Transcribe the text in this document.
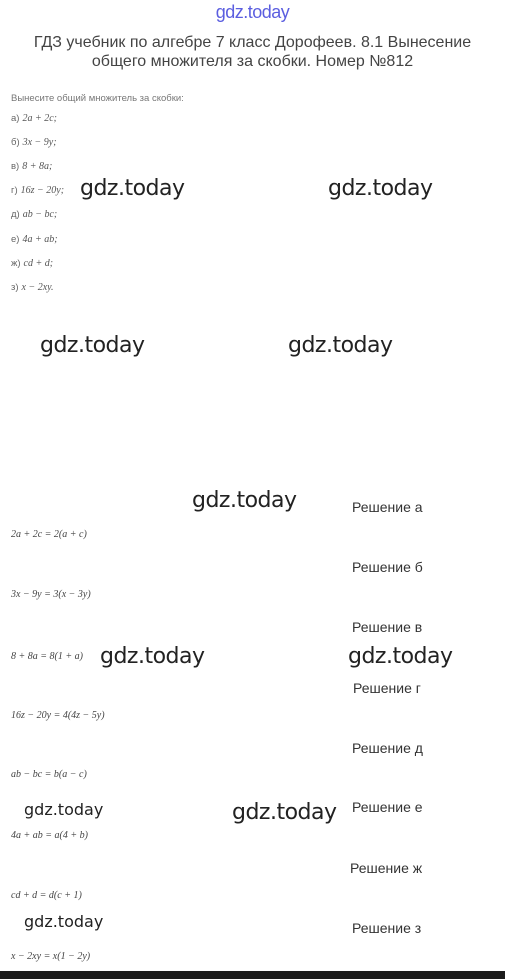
gdz.today
ГДЗ учебник по алгебре 7 класс Дорофеев. 8.1 Вынесение общего множителя за скобки. Номер №812
Вынесите общий множитель за скобки:
а) 2a + 2c;
б) 3x − 9y;
в) 8 + 8a;
г) 16z − 20y;
д) ab − bc;
е) 4a + ab;
ж) cd + d;
з) x − 2xy.
gdz.today	gdz.today
gdz.today	gdz.today
gdz.today
gdz.today	gdz.today
gdz.today
gdz.today
gdz.today
Решение а
2a + 2c = 2(a + c)
Решение б
3x − 9y = 3(x − 3y)
Решение в
8 + 8a = 8(1 + a)
Решение г
16z − 20y = 4(4z − 5y)
Решение д
ab − bc = b(a − c)
Решение е
4a + ab = a(4 + b)
Решение ж
cd + d = d(c + 1)
Решение з
x − 2xy = x(1 − 2y)
